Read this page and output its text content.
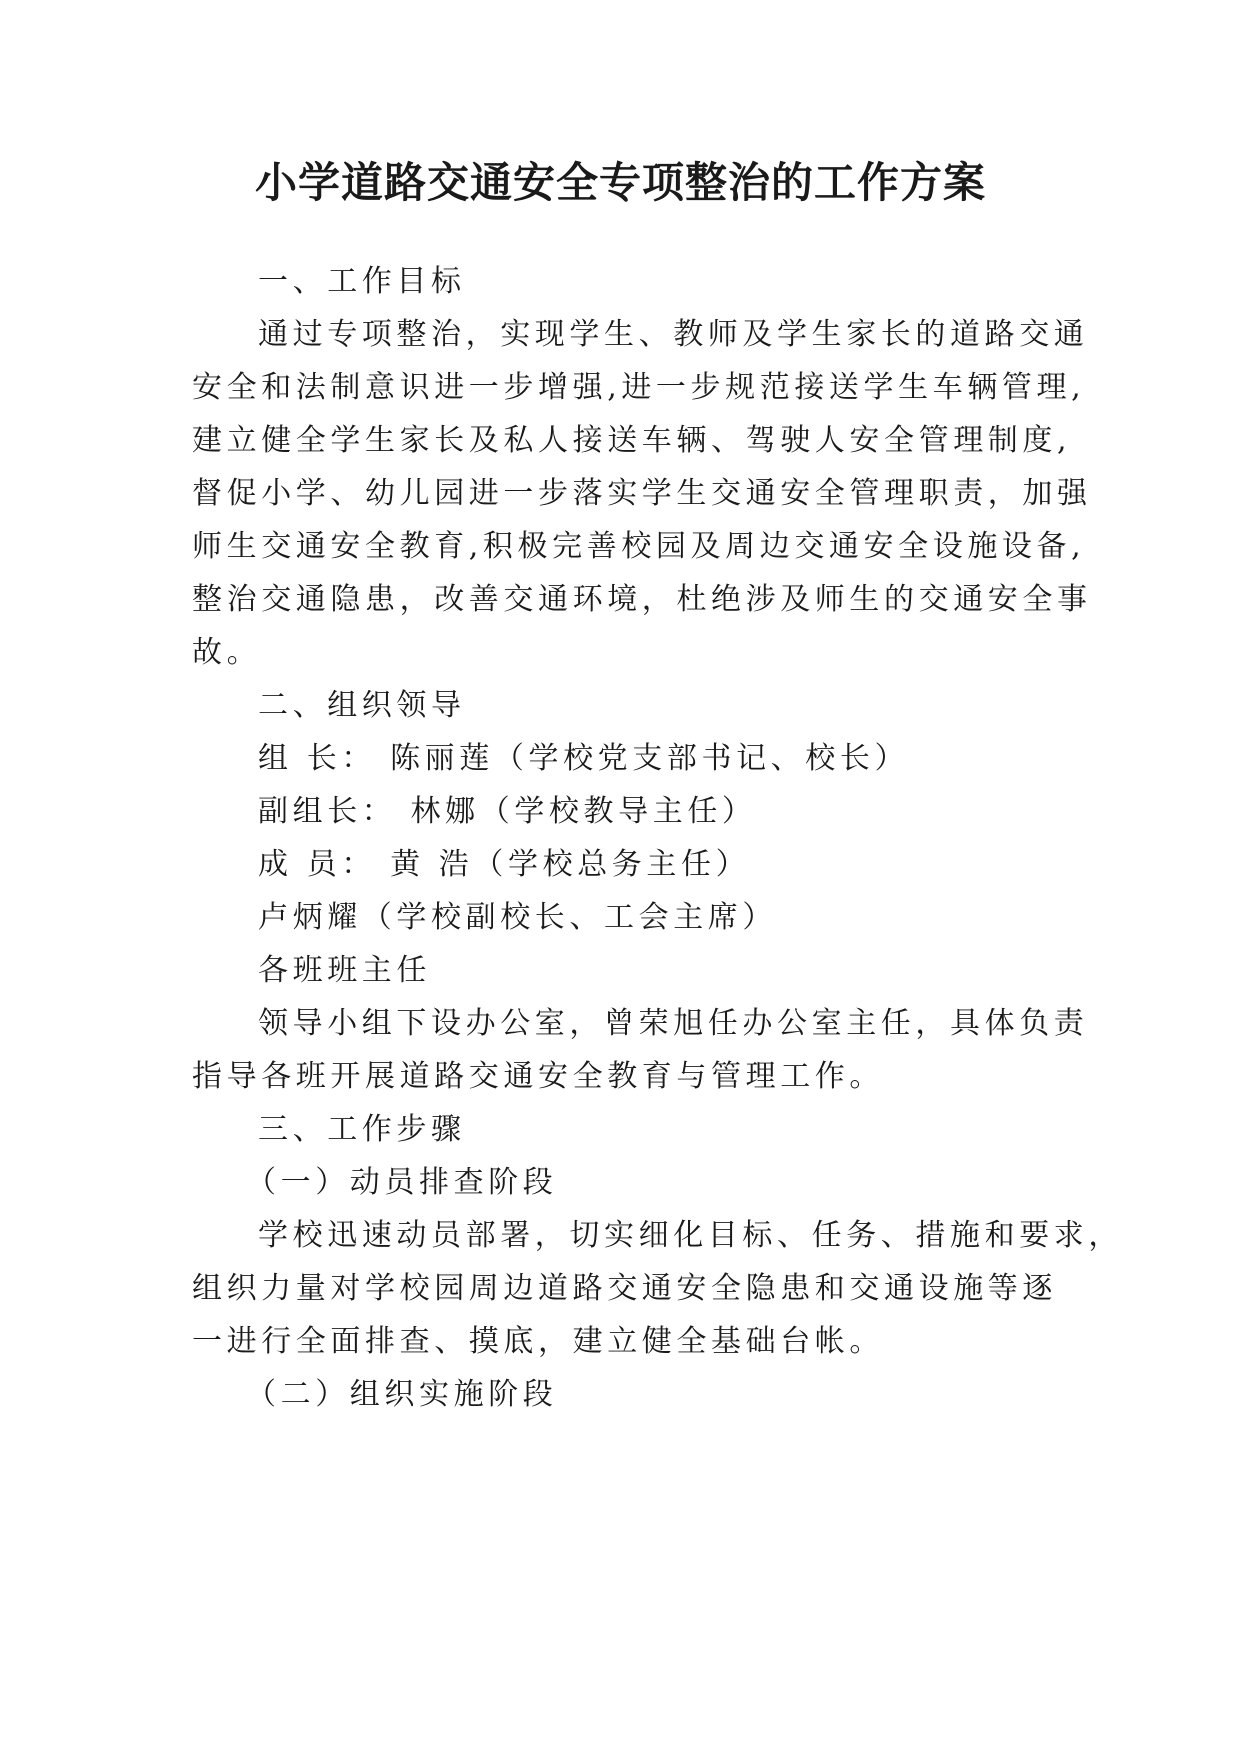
小学道路交通安全专项整治的工作方案

一、工作目标

通过专项整治，实现学生、教师及学生家长的道路交通

安全和法制意识进一步增强,进一步规范接送学生车辆管理,

建立健全学生家长及私人接送车辆、驾驶人安全管理制度,

督促小学、幼儿园进一步落实学生交通安全管理职责，加强

师生交通安全教育,积极完善校园及周边交通安全设施设备,

整治交通隐患，改善交通环境，杜绝涉及师生的交通安全事

故。

二、组织领导

组 长： 陈丽莲（学校党支部书记、校长）

副组长： 林娜（学校教导主任）

成 员： 黄 浩（学校总务主任）

卢炳耀（学校副校长、工会主席）

各班班主任

领导小组下设办公室，曾荣旭任办公室主任，具体负责

指导各班开展道路交通安全教育与管理工作。

三、工作步骤

（一）动员排查阶段

学校迅速动员部署，切实细化目标、任务、措施和要求，

组织力量对学校园周边道路交通安全隐患和交通设施等逐

一进行全面排查、摸底，建立健全基础台帐。

（二）组织实施阶段
